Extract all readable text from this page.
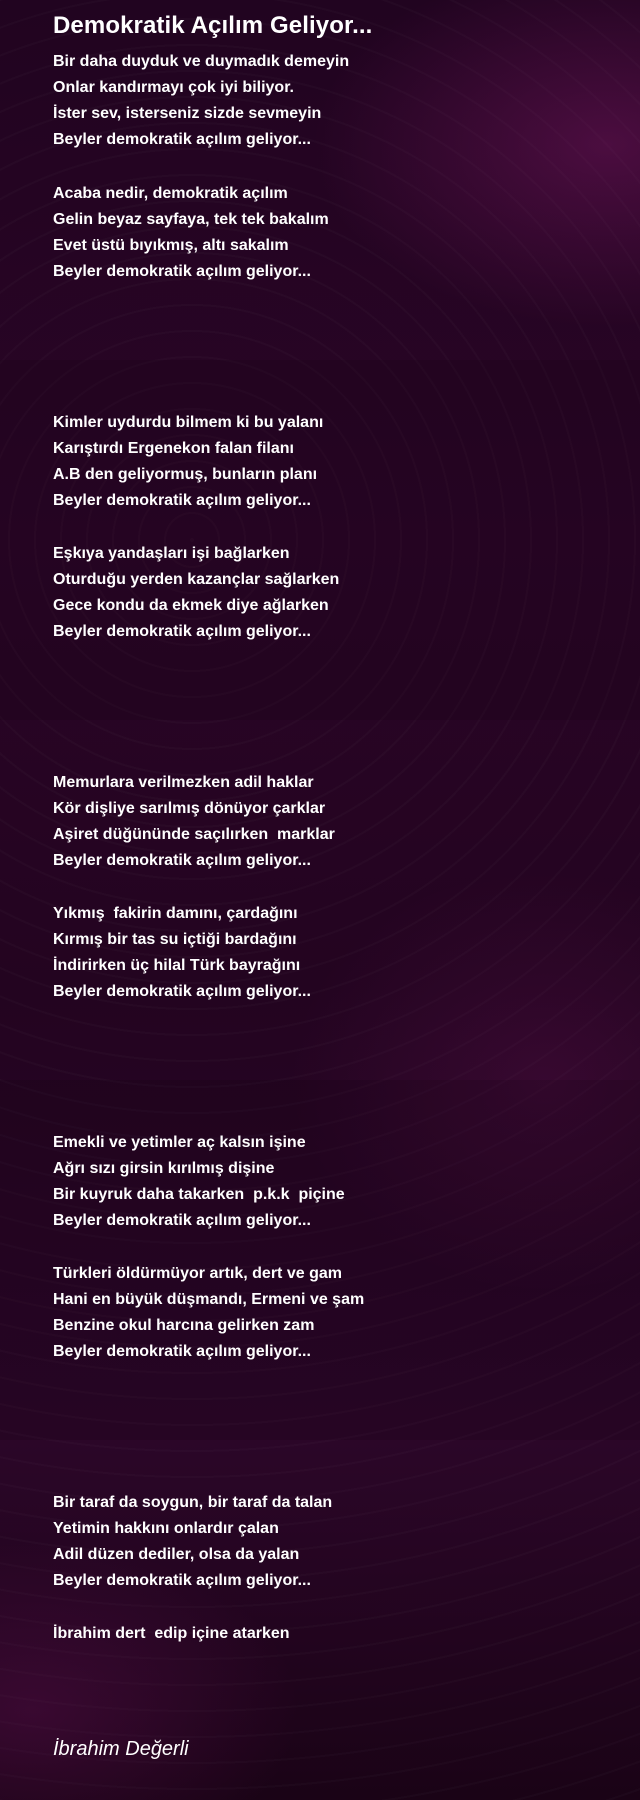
Demokratik Açılım Geliyor...
Bir daha duyduk ve duymadık demeyin
Onlar kandırmayı çok iyi biliyor.
İster sev, isterseniz sizde sevmeyin
Beyler demokratik açılım geliyor...
Acaba nedir, demokratik açılım
Gelin beyaz sayfaya, tek tek bakalım
Evet üstü bıyıkmış, altı sakalım
Beyler demokratik açılım geliyor...
Kimler uydurdu bilmem ki bu yalanı
Karıştırdı Ergenekon falan filanı
A.B den geliyormuş, bunların planı
Beyler demokratik açılım geliyor...
Eşkıya yandaşları işi bağlarken
Oturduğu yerden kazançlar sağlarken
Gece kondu da ekmek diye ağlarken
Beyler demokratik açılım geliyor...
Memurlara verilmezken adil haklar
Kör dişliye sarılmış dönüyor çarklar
Aşiret düğününde saçılırken  marklar
Beyler demokratik açılım geliyor...
Yıkmış  fakirin damını, çardağını
Kırmış bir tas su içtiği bardağını
İndirirken üç hilal Türk bayrağını
Beyler demokratik açılım geliyor...
Emekli ve yetimler aç kalsın işine
Ağrı sızı girsin kırılmış dişine
Bir kuyruk daha takarken  p.k.k  piçine
Beyler demokratik açılım geliyor...
Türkleri öldürmüyor artık, dert ve gam
Hani en büyük düşmandı, Ermeni ve şam
Benzine okul harcına gelirken zam
Beyler demokratik açılım geliyor...
Bir taraf da soygun, bir taraf da talan
Yetimin hakkını onlardır çalan
Adil düzen dediler, olsa da yalan
Beyler demokratik açılım geliyor...
İbrahim dert  edip içine atarken
İbrahim Değerli
